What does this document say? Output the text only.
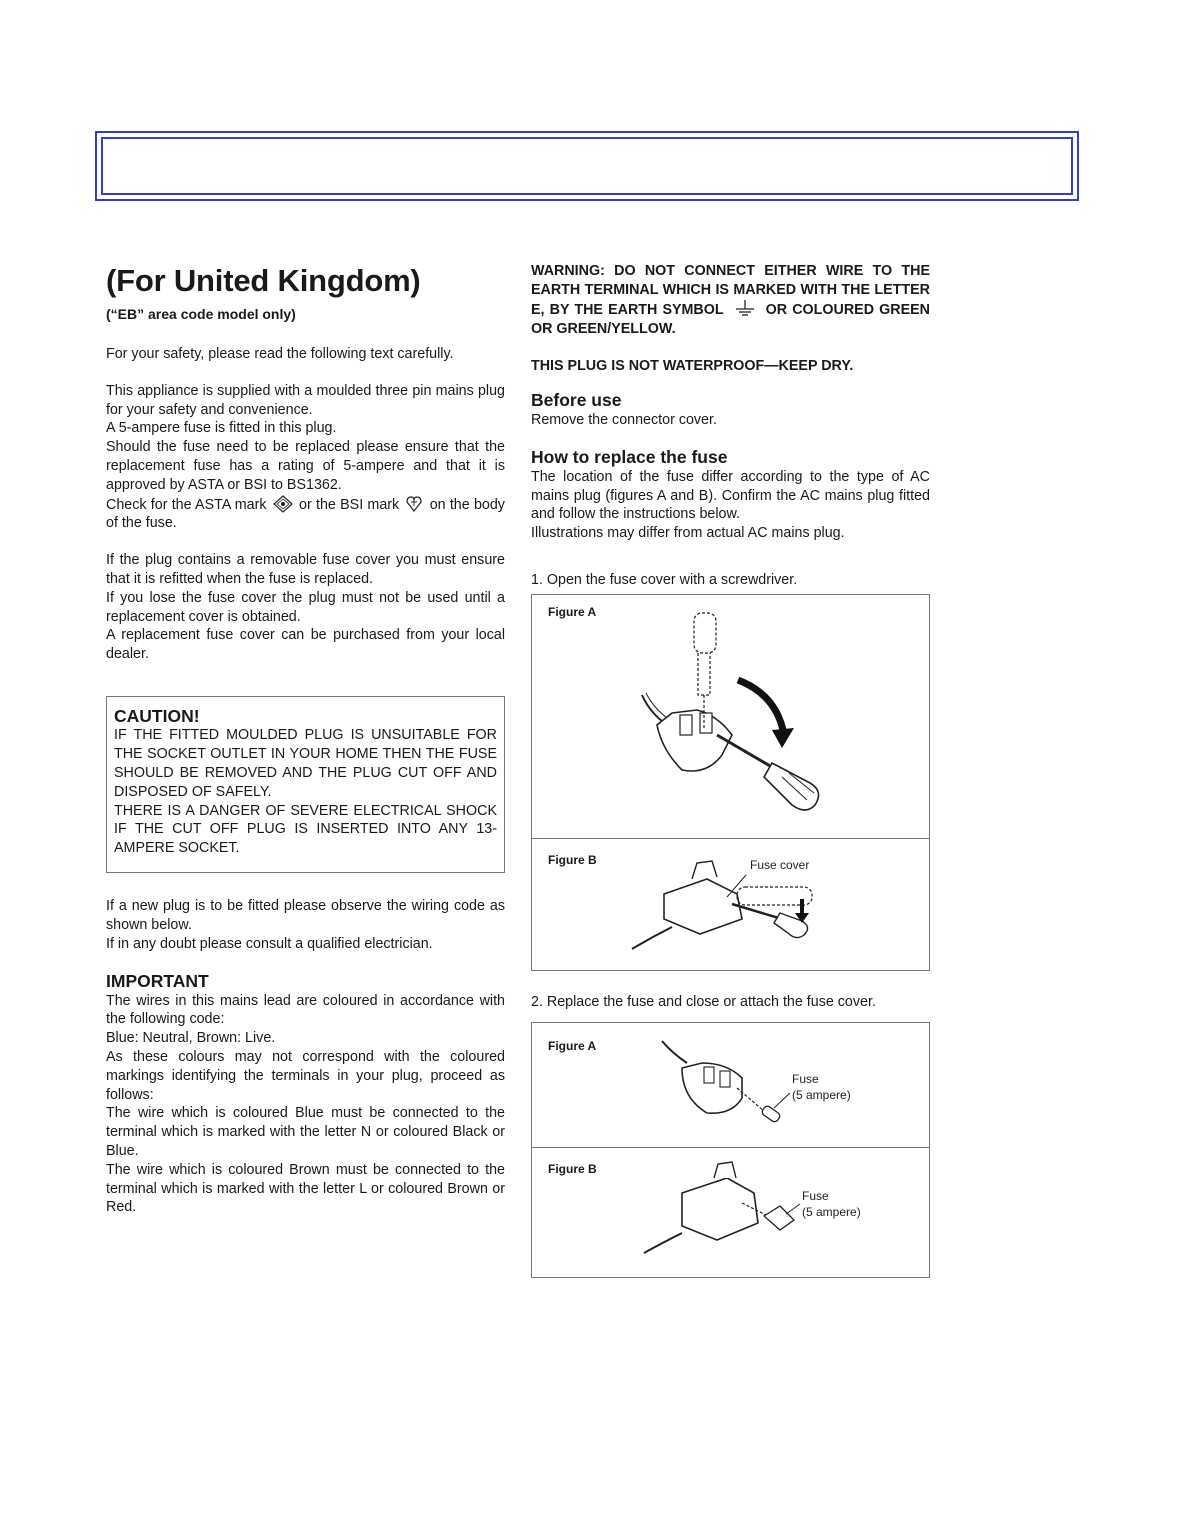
(For United Kingdom)
(“EB” area code model only)

For your safety, please read the following text carefully.

This appliance is supplied with a moulded three pin mains plug for your safety and convenience.

A 5-ampere fuse is fitted in this plug.

Should the fuse need to be replaced please ensure that the replacement fuse has a rating of 5-ampere and that it is approved by ASTA or BSI to BS1362.

Check for the ASTA mark or the BSI mark on the body of the fuse.

If the plug contains a removable fuse cover you must ensure that it is refitted when the fuse is replaced.

If you lose the fuse cover the plug must not be used until a replacement cover is obtained.

A replacement fuse cover can be purchased from your local dealer.

CAUTION!
IF THE FITTED MOULDED PLUG IS UNSUITABLE FOR THE SOCKET OUTLET IN YOUR HOME THEN THE FUSE SHOULD BE REMOVED AND THE PLUG CUT OFF AND DISPOSED OF SAFELY.
THERE IS A DANGER OF SEVERE ELECTRICAL SHOCK IF THE CUT OFF PLUG IS INSERTED INTO ANY 13-AMPERE SOCKET.

If a new plug is to be fitted please observe the wiring code as shown below.

If in any doubt please consult a qualified electrician.

IMPORTANT

The wires in this mains lead are coloured in accordance with the following code:

Blue: Neutral, Brown: Live.

As these colours may not correspond with the coloured markings identifying the terminals in your plug, proceed as follows:

The wire which is coloured Blue must be connected to the terminal which is marked with the letter N or coloured Black or Blue.

The wire which is coloured Brown must be connected to the terminal which is marked with the letter L or coloured Brown or Red.

WARNING: DO NOT CONNECT EITHER WIRE TO THE EARTH TERMINAL WHICH IS MARKED WITH THE LETTER E, BY THE EARTH SYMBOL	OR COLOURED GREEN OR GREEN/YELLOW.
THIS PLUG IS NOT WATERPROOF—KEEP DRY.
Before use

Remove the connector cover.

How to replace the fuse

The location of the fuse differ according to the type of AC mains plug (figures A and B). Confirm the AC mains plug fitted and follow the instructions below.

Illustrations may differ from actual AC mains plug.

1. Open the fuse cover with a screwdriver.

Figure A
Figure B	Fuse cover

2. Replace the fuse and close or attach the fuse cover.

Figure A
Fuse
(5 ampere)
Figure B
Fuse
(5 ampere)
